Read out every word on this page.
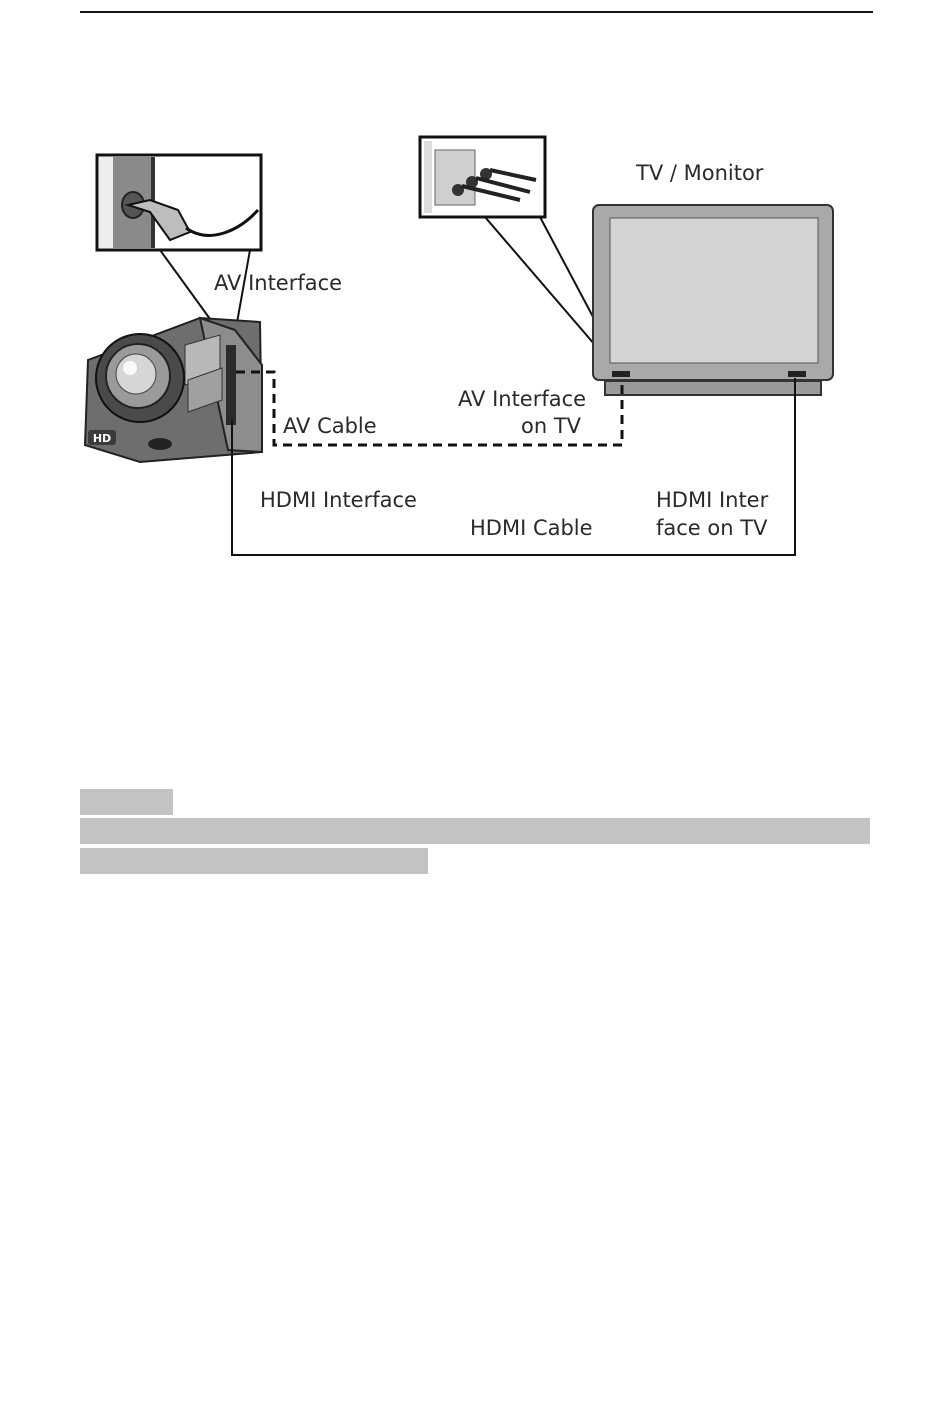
HD
TV / Monitor
AV Interface
AV Cable
AV Interface
on TV
HDMI Interface
HDMI Cable
HDMI Inter
face on TV
